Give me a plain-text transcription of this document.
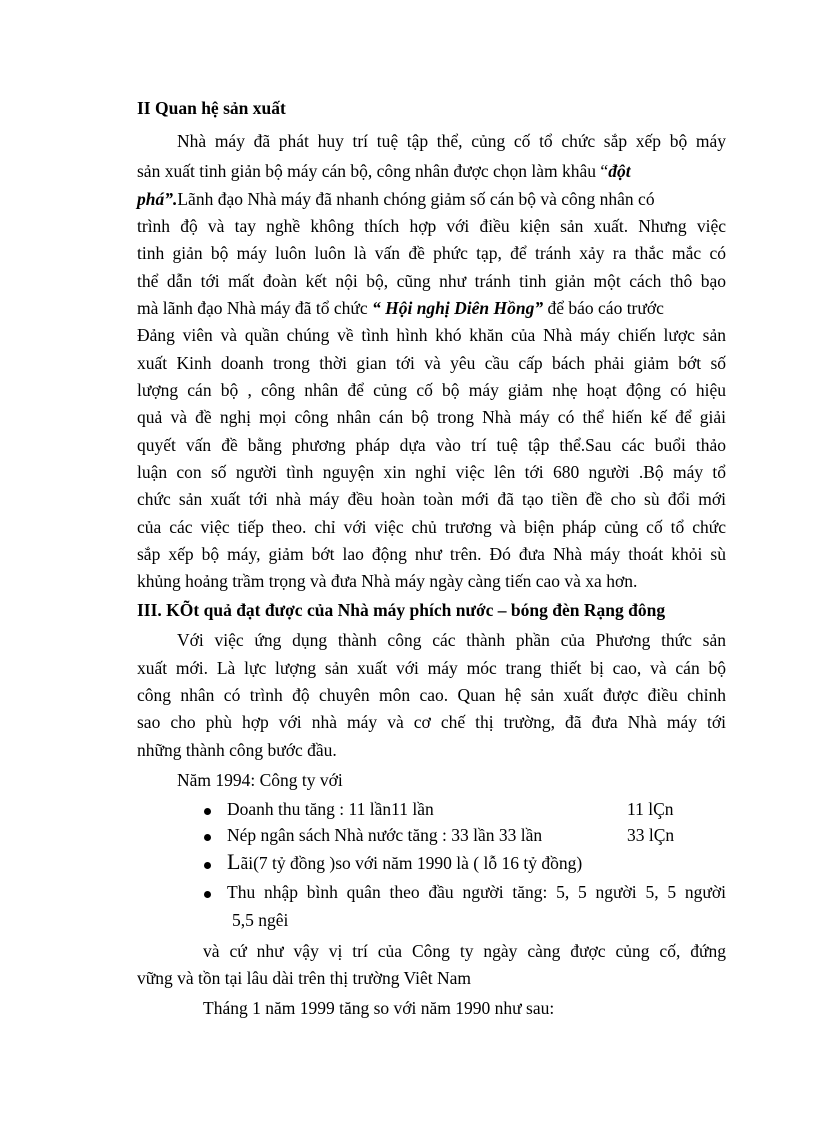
II Quan hệ sản xuất
Nhà máy đã phát huy trí tuệ tập thể, củng cố tổ chức sắp xếp bộ máy
sản xuất tinh giản bộ máy cán bộ, công nhân được chọn làm khâu “đột
phá”.Lãnh đạo Nhà máy đã nhanh chóng giảm số cán bộ và công nhân có
trình độ và tay nghề không thích hợp với điều kiện sản xuất. Nhưng việc
tinh giản bộ máy luôn luôn là vấn đề phức tạp, để tránh xảy ra thắc mắc có
thể dẫn tới mất đoàn kết nội bộ, cũng như tránh tinh giản một cách thô bạo
mà lãnh đạo Nhà máy đã tổ chức “ Hội nghị Diên Hồng” để báo cáo trước
Đảng viên và quần chúng về tình hình khó khăn của Nhà máy chiến lược sản
xuất Kinh doanh trong thời gian tới và yêu cầu cấp bách phải giảm bớt số
lượng cán bộ , công nhân để củng cố bộ máy giảm nhẹ hoạt động có hiệu
quả và đề nghị mọi công nhân cán bộ trong Nhà máy có thể hiến kế để giải
quyết vấn đề bằng phương pháp dựa vào trí tuệ tập thể.Sau các buổi thảo
luận con số người tình nguyện xin nghỉ việc lên tới 680 người .Bộ máy tổ
chức sản xuất tới nhà máy đều hoàn toàn mới đã tạo tiền đề cho sù đổi mới
của các việc tiếp theo. chỉ với việc chủ trương và biện pháp củng cố tổ chức
sắp xếp bộ máy, giảm bớt lao động như trên. Đó đưa Nhà máy thoát khỏi sù
khủng hoảng trầm trọng và đưa Nhà máy ngày càng tiến cao và xa hơn.
III. KÕt quả đạt được của Nhà máy phích nước – bóng đèn Rạng đông
Với việc ứng dụng thành công các thành phần của Phương thức sản
xuất mới. Là lực lượng sản xuất với máy móc trang thiết bị cao, và cán bộ
công nhân có trình độ chuyên môn cao. Quan hệ sản xuất được điều chỉnh
sao cho phù hợp với nhà máy và cơ chế thị trường, đã đưa Nhà máy tới
những thành công bước đầu.
Năm 1994: Công ty với
Doanh thu tăng : 11 lần11 lần	11 lÇn
Nép ngân sách Nhà nước tăng : 33 lần 33 lần	33 lÇn
Lãi(7 tỷ đồng )so với năm 1990 là ( lỗ 16 tỷ đồng)
Thu nhập bình quân theo đầu người tăng: 5, 5 người 5, 5 người
5,5 ngêi
và cứ như vậy vị trí của Công ty ngày càng được củng cố, đứng
vững và tồn tại lâu dài trên thị trường Viêt Nam
Tháng 1 năm 1999 tăng so với năm 1990 như sau:
